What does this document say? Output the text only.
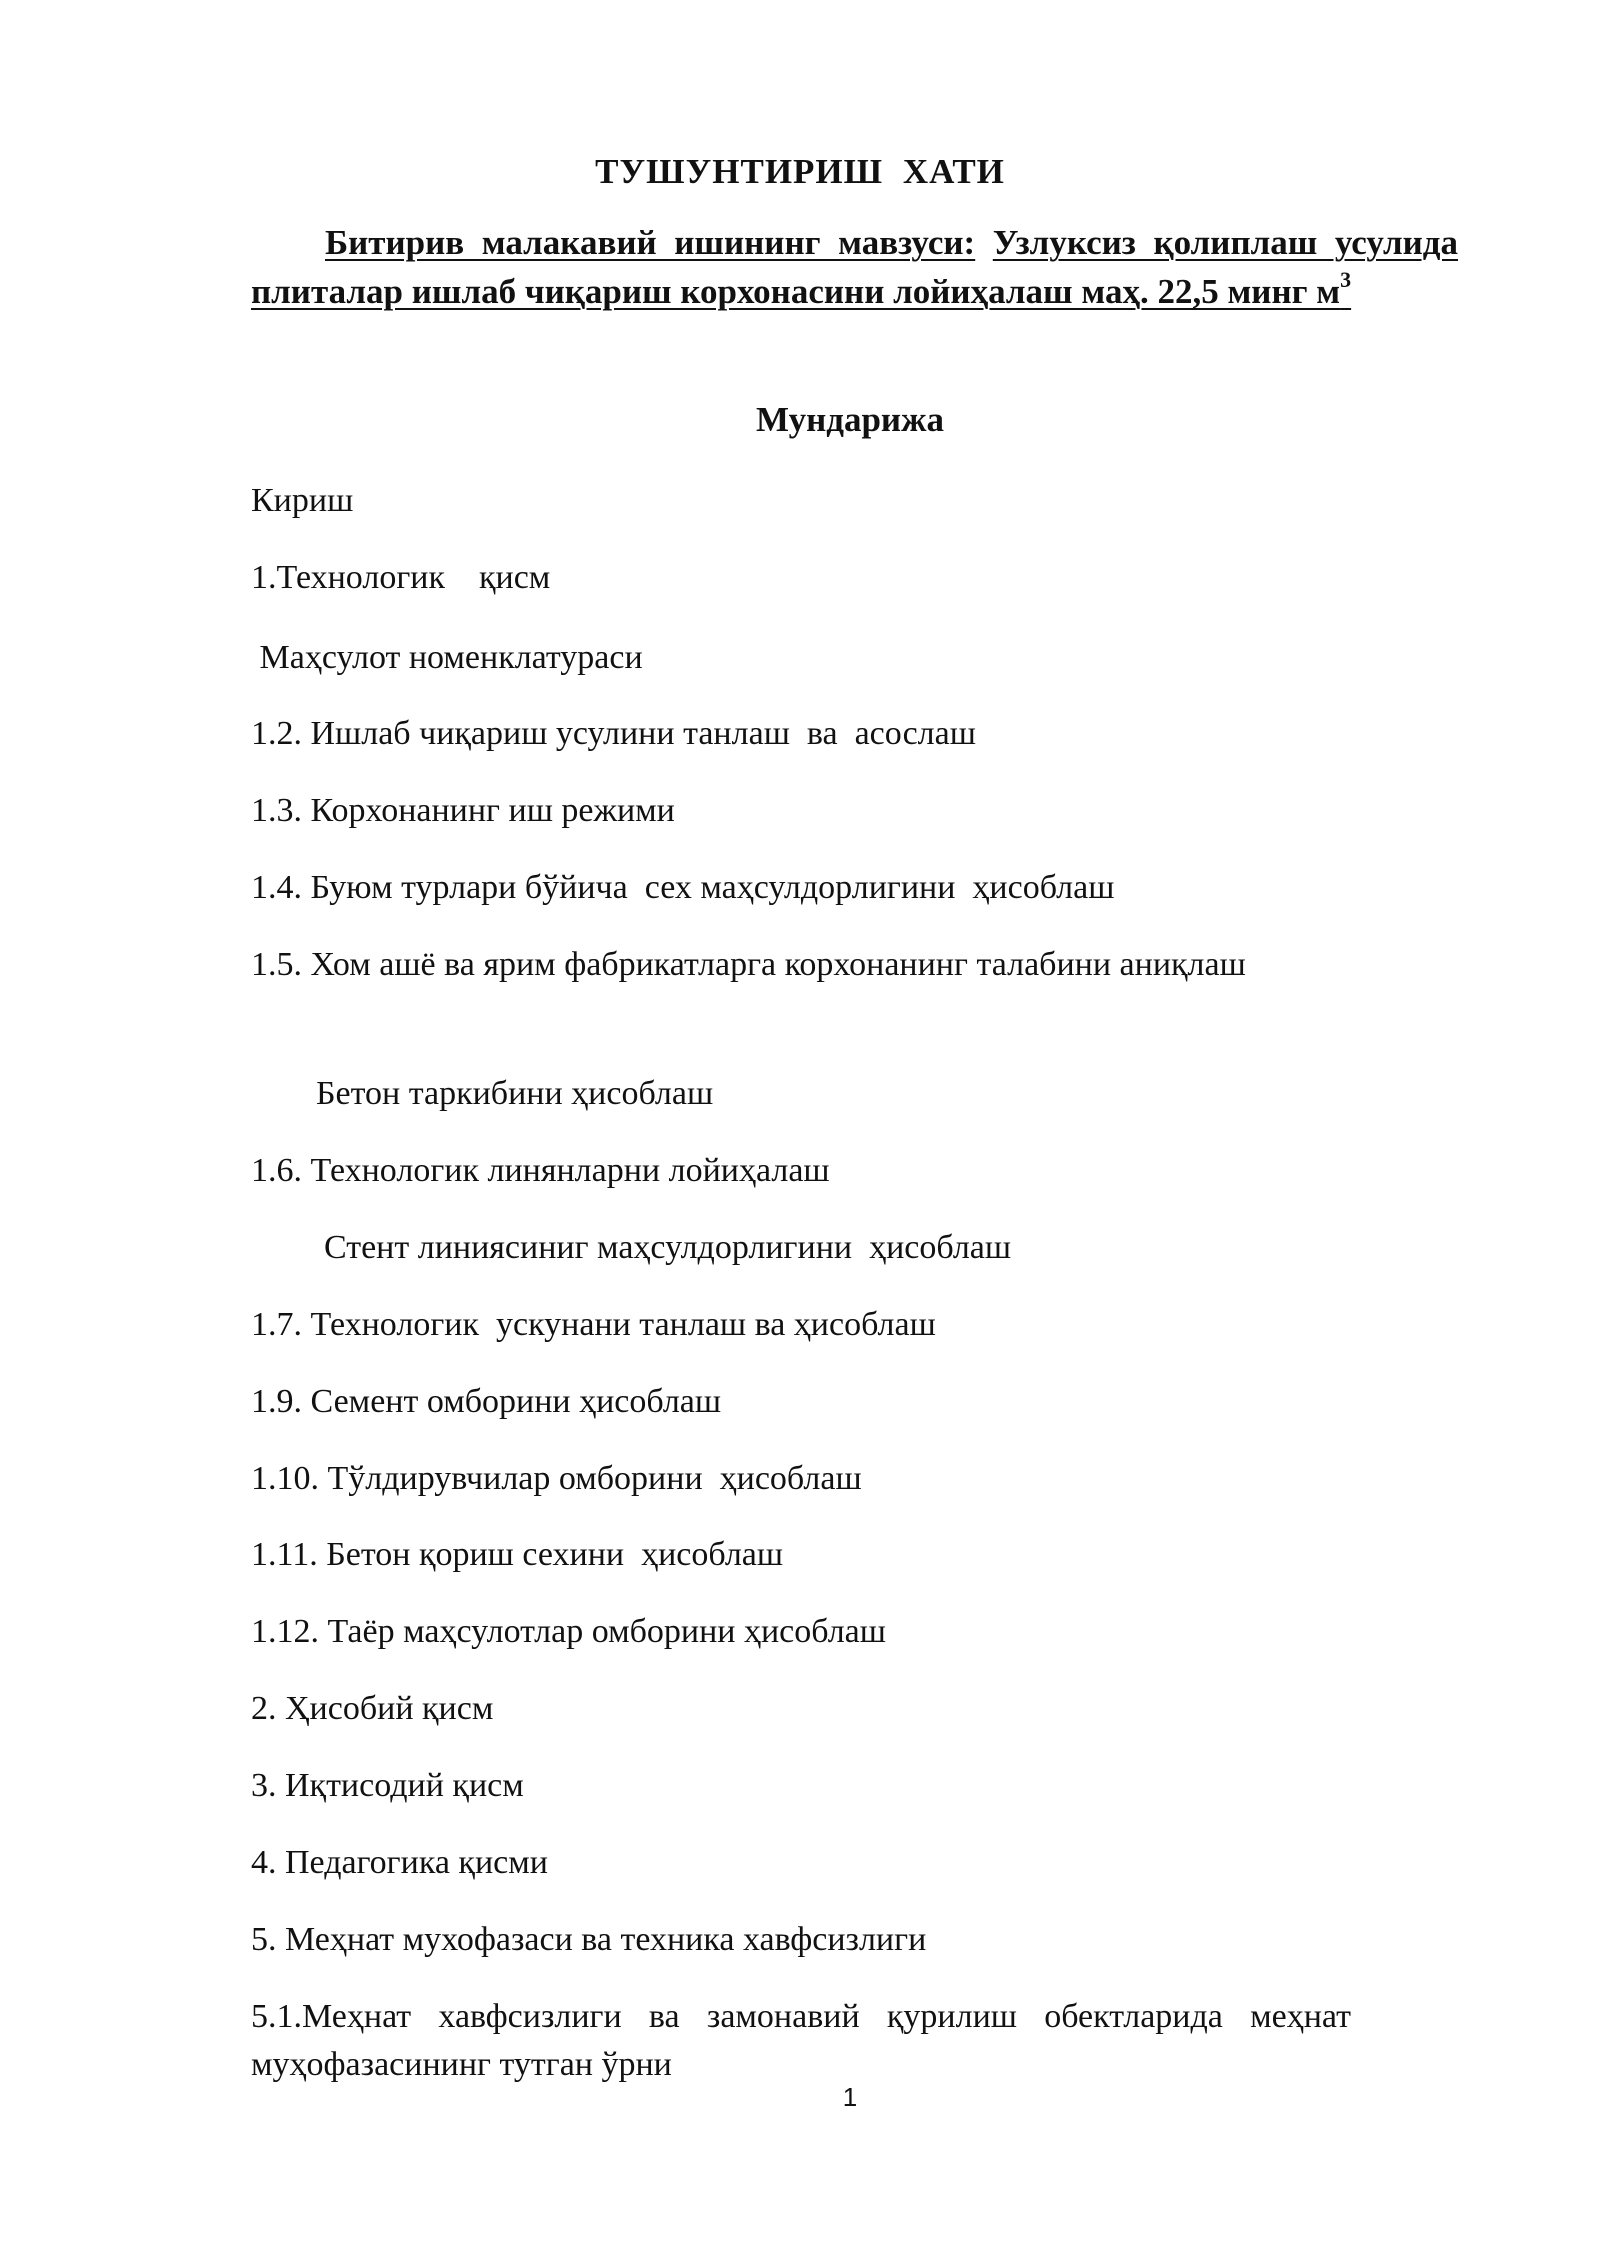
ТУШУНТИРИШ ХАТИ
Битирив малакавий ишининг мавзуси: Узлуксиз қолиплаш усулида плиталар ишлаб чиқариш корхонасини лойиҳалаш маҳ. 22,5 минг $м^3$
Мундарижа
Кириш
1.Технологик    қисм
Маҳсулот номенклатураси
1.2. Ишлаб чиқариш усулини танлаш  ва  асослаш
1.3. Корхонанинг иш режими
1.4. Буюм турлари бўйича  сех маҳсулдорлигини  ҳисоблаш
1.5. Хом ашё ва ярим фабрикатларга корхонанинг талабини аниқлаш
Бетон таркибини ҳисоблаш
1.6. Технологик линянларни лойиҳалаш
Стент линиясиниг маҳсулдорлигини  ҳисоблаш
1.7. Технологик  ускунани танлаш ва ҳисоблаш
1.9. Семент омборини ҳисоблаш
1.10. Тўлдирувчилар омборини  ҳисоблаш
1.11. Бетон қориш сехини  ҳисоблаш
1.12. Таёр маҳсулотлар омборини ҳисоблаш
2. Ҳисобий қисм
3. Иқтисодий қисм
4. Педагогика қисми
5. Меҳнат мухофазаси ва техника хавфсизлиги
5.1.Меҳнат хавфсизлиги ва замонавий қурилиш обектларида меҳнат муҳофазасининг тутган ўрни
1
